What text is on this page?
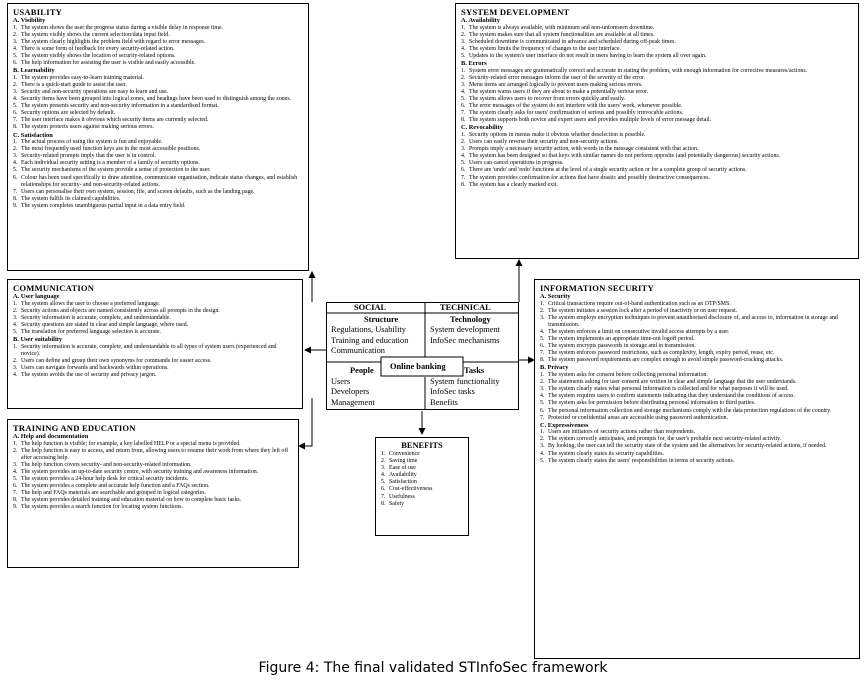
USABILITY
A. Visibility
1. The system shows the user the progress status during a visible delay in response time.
2. The system visibly shows the current selection/data input field.
3. The system clearly highlights the problem field with regard to error messages.
4. There is some form of feedback for every security-related action.
5. The system visibly shows the location of security-related options.
6. The help information for assisting the user is visible and easily accessible.
B. Learnability
1. The system provides easy-to-learn training material.
2. There is a quick-start guide to assist the user.
3. Security and non-security operations are easy to learn and use.
4. Security items have been grouped into logical zones, and headings have been used to distinguish among the zones.
5. The system presents security and non-security information in a standardised format.
6. Security options are selected by default.
7. The user interface makes it obvious which security items are currently selected.
8. The system protects users against making serious errors.
C. Satisfaction
1. The actual process of using the system is fun and enjoyable.
2. The most frequently used function keys are in the most accessible positions.
3. Security-related prompts imply that the user is in control.
4. Each individual security setting is a member of a family of security options.
5. The security mechanisms of the system provide a sense of protection to the user.
6. Colour has been used specifically to draw attention, communicate organisation, indicate status changes, and establish relationships for security- and non-security-related actions.
7. Users can personalise their own system, session, file, and screen defaults, such as the landing page.
8. The system fulfils its claimed capabilities.
9. The system completes unambiguous partial input in a data entry field.
SYSTEM DEVELOPMENT
A. Availability
1. The system is always available, with minimum and non-unforeseen downtime.
2. The system makes sure that all system functionalities are available at all times.
3. Scheduled downtime is communicated in advance and scheduled during off-peak times.
4. The system limits the frequency of changes to the user interface.
5. Updates to the system's user interface do not result in users having to learn the system all over again.
B. Errors
1. System error messages are grammatically correct and accurate in stating the problem, with enough information for corrective measures/actions.
2. Security-related error messages inform the user of the severity of the error.
3. Menu items are arranged logically to prevent users making serious errors.
4. The system warns users if they are about to make a potentially serious error.
5. The system allows users to recover from errors quickly and easily.
6. The error messages of the system do not interfere with the users' work, whenever possible.
7. The system clearly asks for users' confirmation of serious and possibly irrevocable actions.
8. The system supports both novice and expert users and provides multiple levels of error message detail.
C. Revocability
1. Security options in menus make it obvious whether deselection is possible.
2. Users can easily reverse their security and non-security actions.
3. Prompts imply a necessary security action, with words in the message consistent with that action.
4. The system has been designed so that keys with similar names do not perform opposite (and potentially dangerous) security actions.
5. Users can cancel operations in progress.
6. There are 'undo' and 'redo' functions at the level of a single security action or for a complete group of security actions.
7. The system provides confirmation for actions that have drastic and possibly destructive consequences.
8. The system has a clearly marked exit.
COMMUNICATION
A. User language
1. The system allows the user to choose a preferred language.
2. Security actions and objects are named consistently across all prompts in the design.
3. Security information is accurate, complete, and understandable.
4. Security questions are stated in clear and simple language, where used.
5. The translation for preferred language selection is accurate.
B. User suitability
1. Security information is accurate, complete, and understandable to all types of system users (experienced and novice).
2. Users can define and group their own synonyms for commands for easier access.
3. Users can navigate forwards and backwards within operations.
4. The system avoids the use of security and privacy jargon.
TRAINING AND EDUCATION
A. Help and documentation
1. The help function is visible; for example, a key labelled HELP or a special menu is provided.
2. The help function is easy to access, and return from, allowing users to resume their work from where they left off after accessing help.
3. The help function covers security- and non-security-related information.
4. The system provides an up-to-date security centre, with security training and awareness information.
5. The system provides a 24-hour help desk for critical security incidents.
6. The system provides a complete and accurate help function and a FAQs section.
7. The help and FAQs materials are searchable and grouped in logical categories.
8. The system provides detailed training and education material on how to complete basic tasks.
9. The system provides a search function for locating system functions.
INFORMATION SECURITY
A. Security
1. Critical transactions require out-of-band authentication such as an OTP/SMS.
2. The system initiates a session lock after a period of inactivity or on user request.
3. The system employs encryption techniques to prevent unauthorised disclosure of, and access to, information in storage and transmission.
4. The system enforces a limit on consecutive invalid access attempts by a user.
5. The system implements an appropriate time-out logoff period.
6. The system encrypts passwords in storage and in transmission.
7. The system enforces password restrictions, such as complexity, length, expiry period, reuse, etc.
8. The system password requirements are complex enough to avoid simple password-cracking attacks.
B. Privacy
1. The system asks for consent before collecting personal information.
2. The statements asking for user consent are written in clear and simple language that the user understands.
3. The system clearly states what personal information is collected and for what purposes it will be used.
4. The system requires users to confirm statements indicating that they understand the conditions of access.
5. The system asks for permission before distributing personal information to third parties.
6. The personal information collection and storage mechanisms comply with the data protection regulations of the country.
7. Protected or confidential areas are accessible using password authentication.
C. Expressiveness
1. Users are initiators of security actions rather than respondents.
2. The system correctly anticipates, and prompts for, the user's probable next security-related activity.
3. By looking, the user can tell the security state of the system and the alternatives for security-related actions, if needed.
4. The system clearly states its security capabilities.
5. The system clearly states the users' responsibilities in terms of security actions.
SOCIAL	TECHNICAL
Structure
Regulations, Usability
Training and education
Communication
Technology
System development
InfoSec mechanisms
People
Users
Developers
Management
Tasks
System functionality
InfoSec tasks
Benefits
Online banking
BENEFITS
1. Convenience
2. Saving time
3. Ease of use
4. Availability
5. Satisfaction
6. Cost-effectiveness
7. Usefulness
8. Safety
Figure 4: The final validated STInfoSec framework
